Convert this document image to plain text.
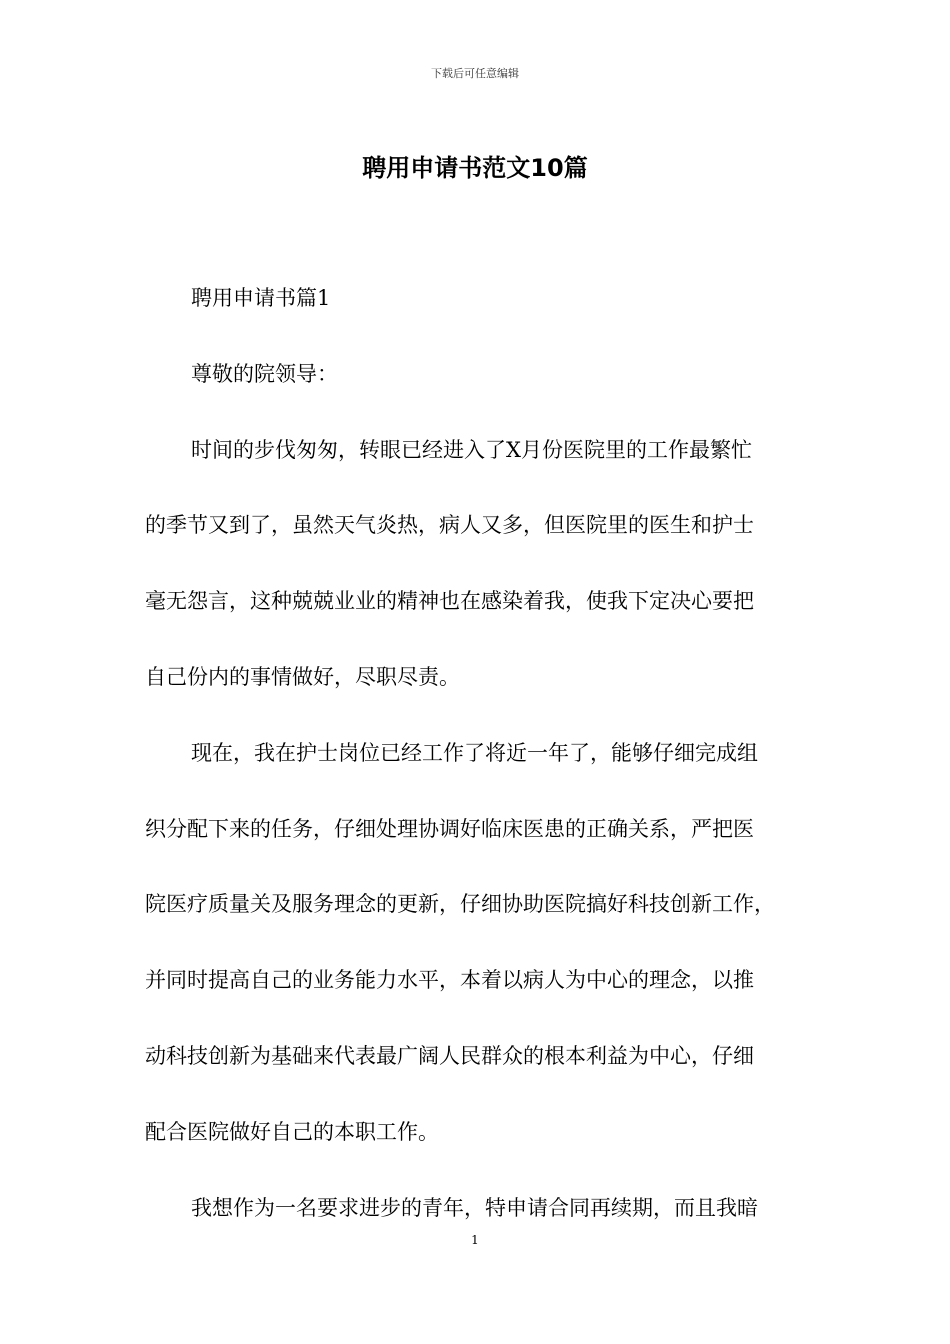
下载后可任意编辑
聘用申请书范文10篇
聘用申请书篇1
尊敬的院领导：
时间的步伐匆匆，转眼已经进入了X月份医院里的工作最繁忙
的季节又到了，虽然天气炎热，病人又多，但医院里的医生和护士
毫无怨言，这种兢兢业业的精神也在感染着我，使我下定决心要把
自己份内的事情做好，尽职尽责。
现在，我在护士岗位已经工作了将近一年了，能够仔细完成组
织分配下来的任务，仔细处理协调好临床医患的正确关系，严把医
院医疗质量关及服务理念的更新，仔细协助医院搞好科技创新工作，
并同时提高自己的业务能力水平，本着以病人为中心的理念，以推
动科技创新为基础来代表最广阔人民群众的根本利益为中心，仔细
配合医院做好自己的本职工作。
我想作为一名要求进步的青年，特申请合同再续期，而且我暗
1
